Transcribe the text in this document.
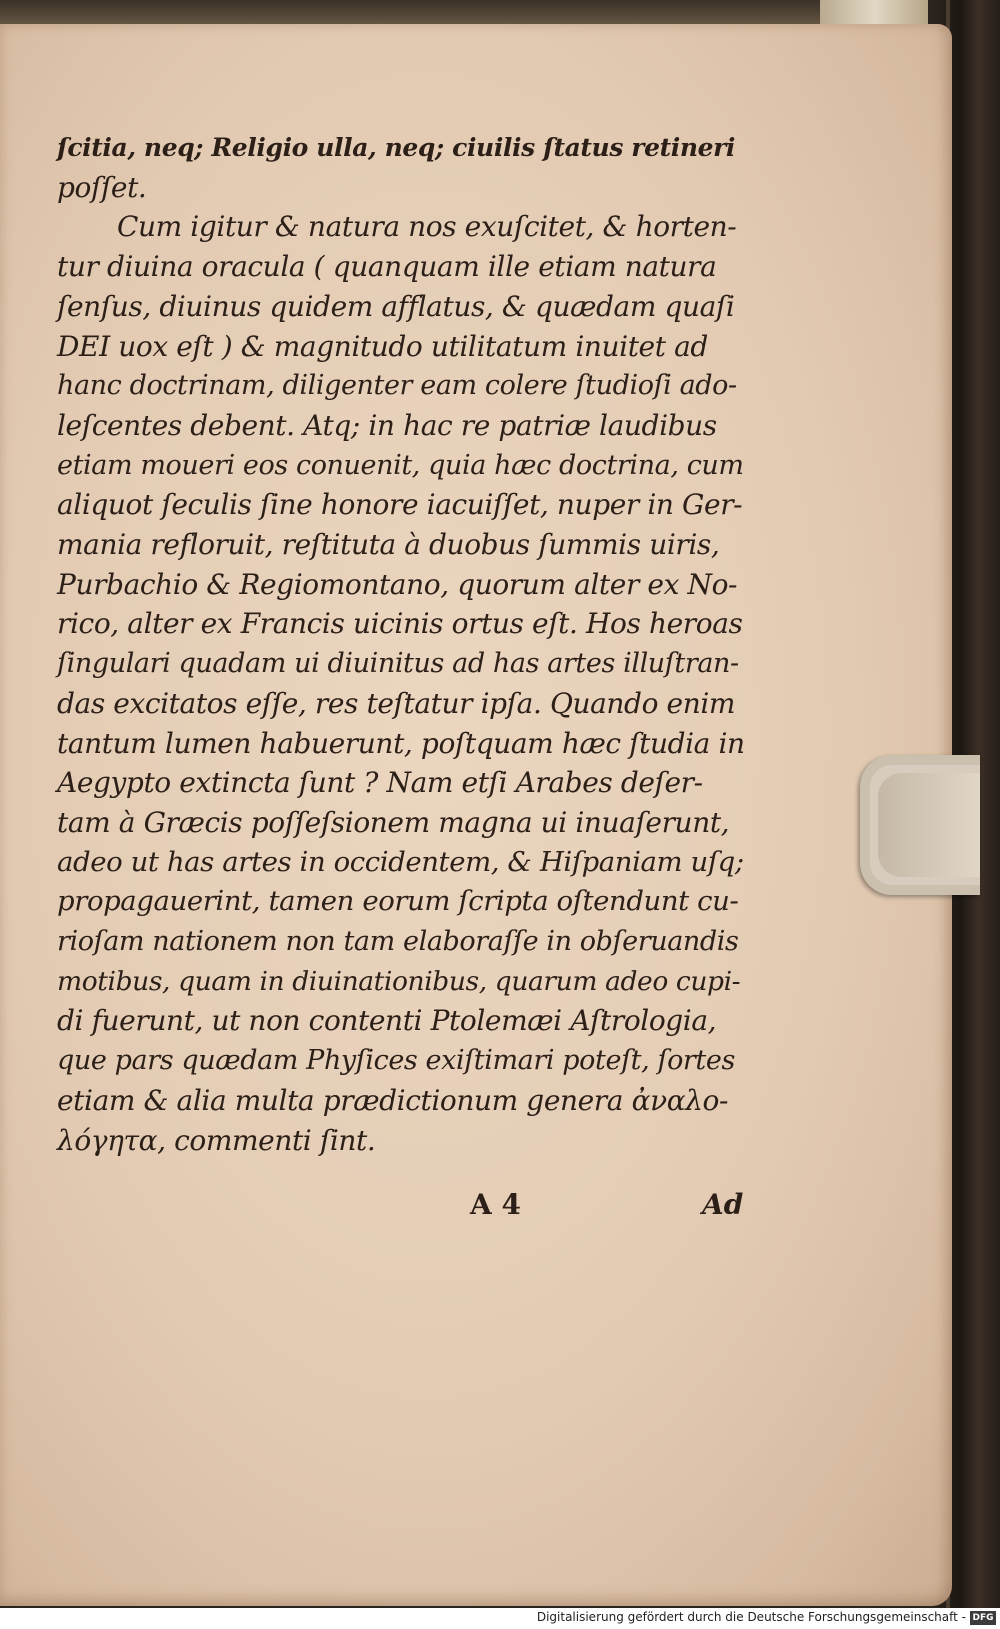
ſcitia, neq; Religio ulla, neq; ciuilis ſtatus retineri
poſſet.
Cum igitur & natura nos exuſcitet, & horten-
tur diuina oracula ( quanquam ille etiam natura
ſenſus, diuinus quidem afflatus, & quædam quaſi
DEI uox eſt ) & magnitudo utilitatum inuitet ad
hanc doctrinam, diligenter eam colere ſtudioſi ado-
leſcentes debent. Atq; in hac re patriæ laudibus
etiam moueri eos conuenit, quia hæc doctrina, cum
aliquot ſeculis ſine honore iacuiſſet, nuper in Ger-
mania refloruit, reſtituta à duobus ſummis uiris,
Purbachio & Regiomontano, quorum alter ex No-
rico, alter ex Francis uicinis ortus eſt. Hos heroas
ſingulari quadam ui diuinitus ad has artes illuſtran-
das excitatos eſſe, res teſtatur ipſa. Quando enim
tantum lumen habuerunt, poſtquam hæc ſtudia in
Aegypto extincta ſunt ? Nam etſi Arabes deſer-
tam à Græcis poſſeſsionem magna ui inuaſerunt,
adeo ut has artes in occidentem, & Hiſpaniam uſq;
propagauerint, tamen eorum ſcripta oſtendunt cu-
rioſam nationem non tam elaboraſſe in obſeruandis
motibus, quam in diuinationibus, quarum adeo cupi-
di fuerunt, ut non contenti Ptolemæi Aſtrologia,
que pars quædam Phyſices exiſtimari poteſt, ſortes
etiam & alia multa prædictionum genera ἀναλο-
λόγητα, commenti ſint.
A 4	Ad
Digitalisierung gefördert durch die Deutsche Forschungsgemeinschaft - DFG
